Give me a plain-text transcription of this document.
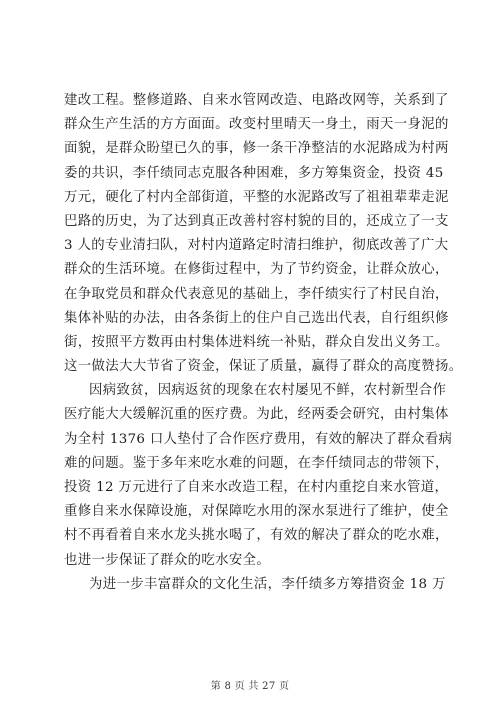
建改工程。整修道路、自来水管网改造、电路改网等，关系到了
群众生产生活的方方面面。改变村里晴天一身土，雨天一身泥的
面貌，是群众盼望已久的事，修一条干净整洁的水泥路成为村两
委的共识，李仟绩同志克服各种困难，多方筹集资金，投资 45
万元，硬化了村内全部街道，平整的水泥路改写了祖祖辈辈走泥
巴路的历史，为了达到真正改善村容村貌的目的，还成立了一支
3 人的专业清扫队，对村内道路定时清扫维护，彻底改善了广大
群众的生活环境。在修街过程中，为了节约资金，让群众放心，
在争取党员和群众代表意见的基础上，李仟绩实行了村民自治，
集体补贴的办法，由各条街上的住户自己选出代表，自行组织修
街，按照平方数再由村集体进料统一补贴，群众自发出义务工。
这一做法大大节省了资金，保证了质量，赢得了群众的高度赞扬。
因病致贫，因病返贫的现象在农村屡见不鲜，农村新型合作
医疗能大大缓解沉重的医疗费。为此，经两委会研究，由村集体
为全村 1376 口人垫付了合作医疗费用，有效的解决了群众看病
难的问题。鉴于多年来吃水难的问题，在李仟绩同志的带领下，
投资 12 万元进行了自来水改造工程，在村内重挖自来水管道，
重修自来水保障设施，对保障吃水用的深水泵进行了维护，使全
村不再看着自来水龙头挑水喝了，有效的解决了群众的吃水难，
也进一步保证了群众的吃水安全。
为进一步丰富群众的文化生活，李仟绩多方筹措资金 18 万
第 8 页 共 27 页
